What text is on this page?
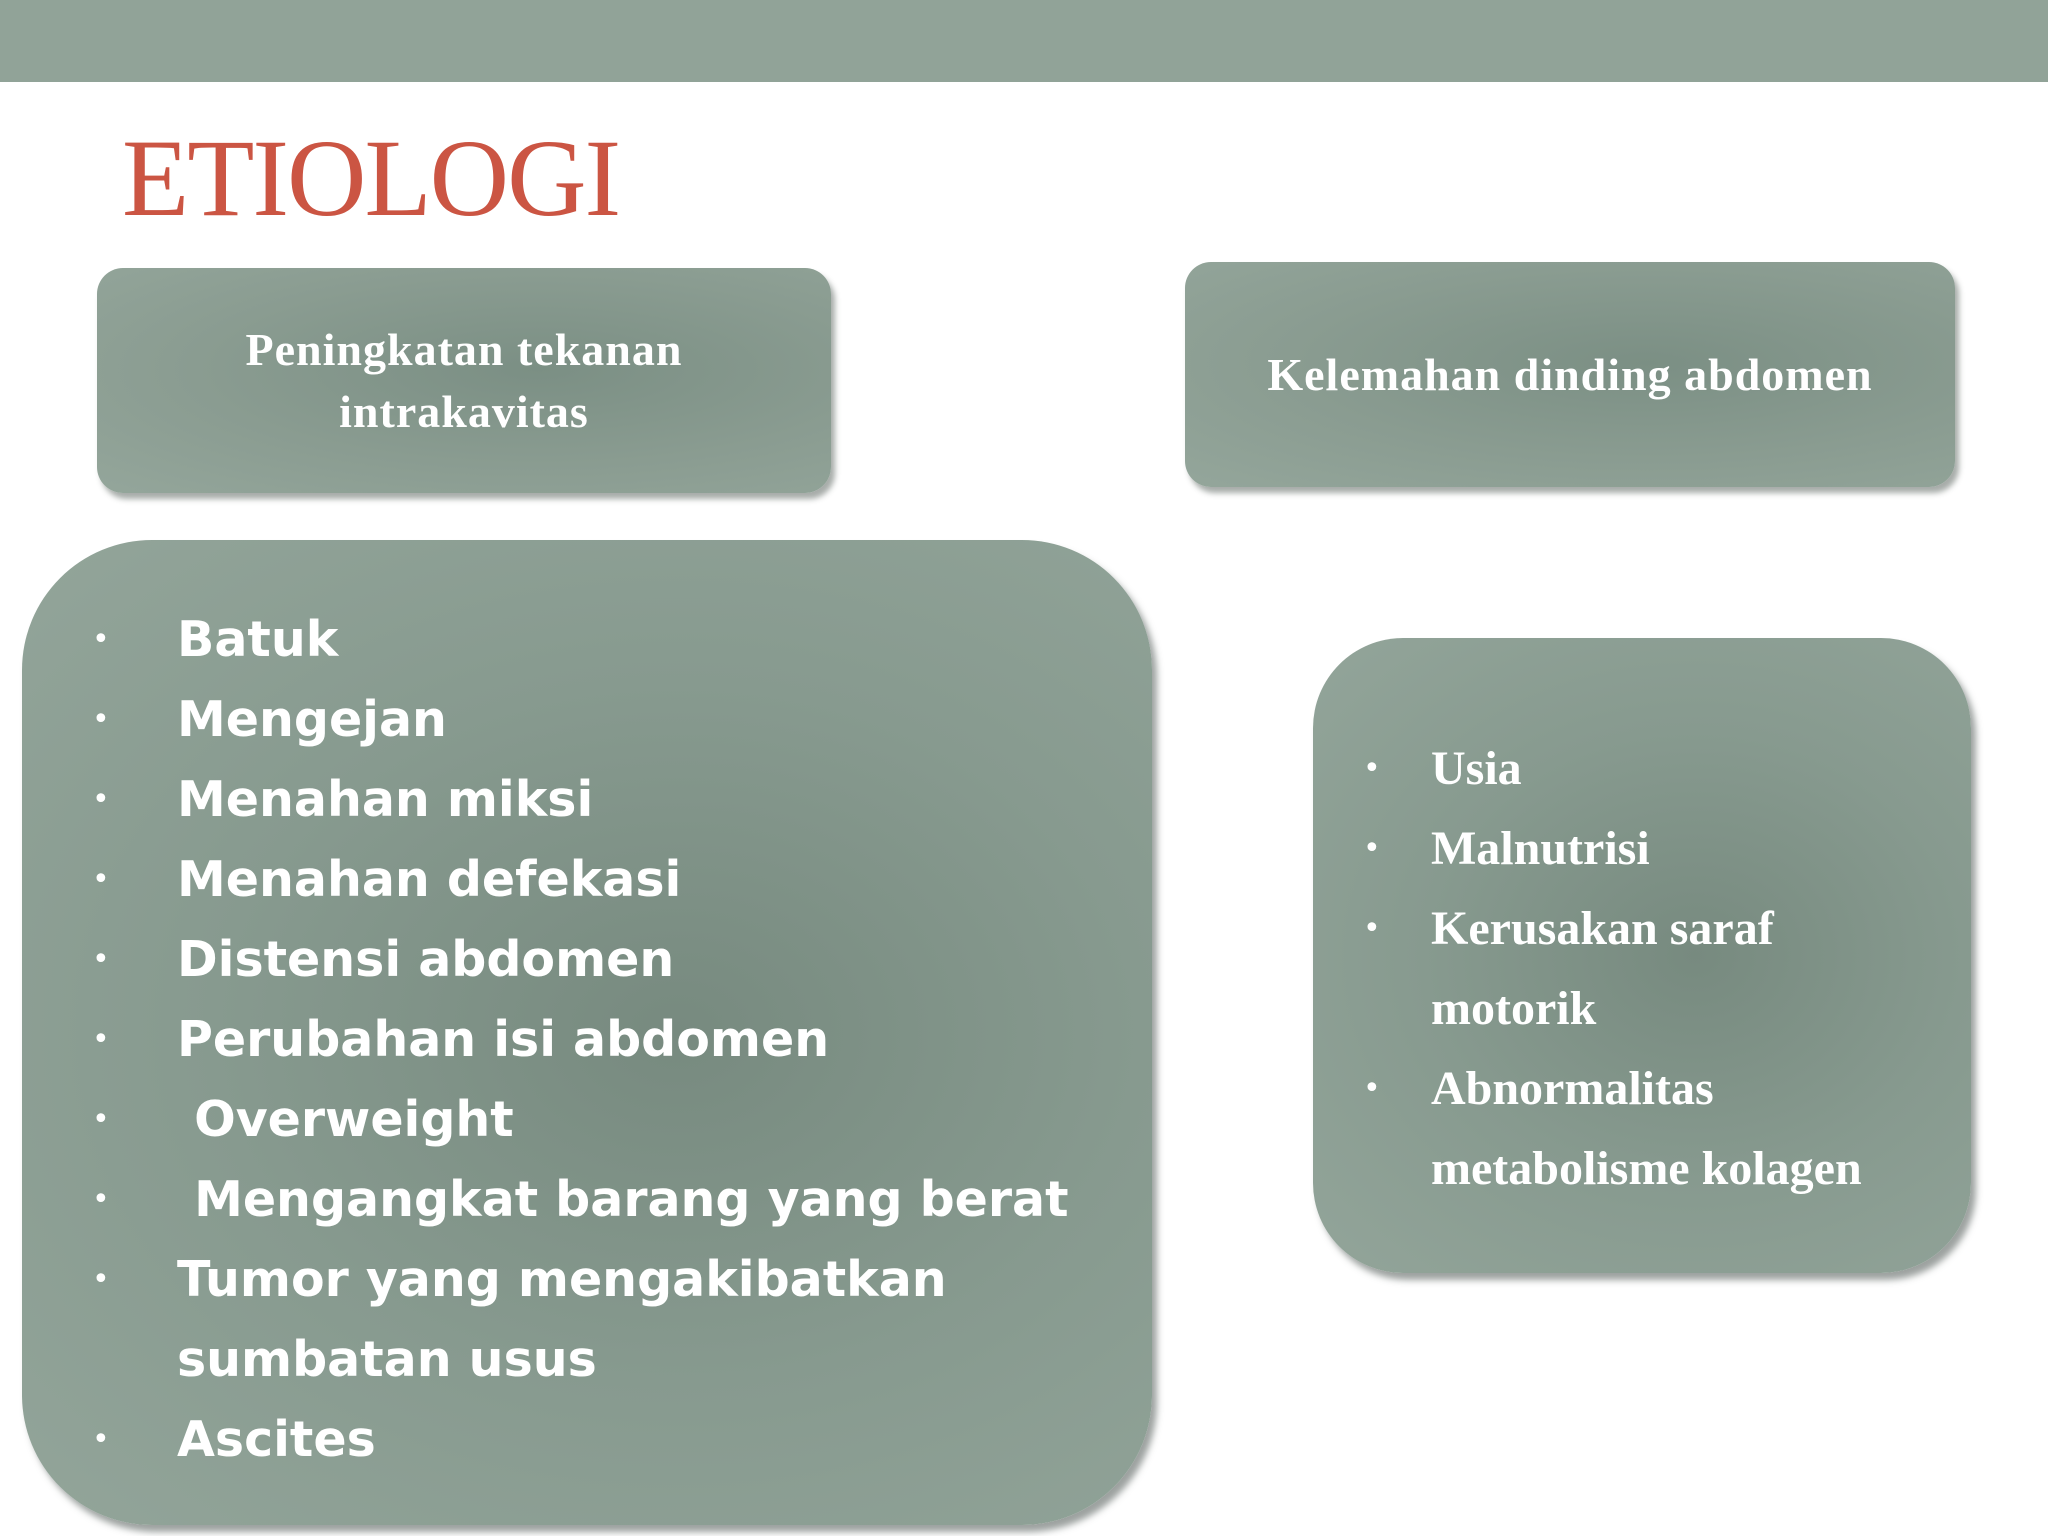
ETIOLOGI
Peningkatan tekanan
intrakavitas
Kelemahan dinding abdomen
• Batuk
• Mengejan
• Menahan miksi
• Menahan defekasi
• Distensi abdomen
• Perubahan isi abdomen
• Overweight
• Mengangkat barang yang berat
• Tumor yang mengakibatkan
sumbatan usus
• Ascites
• Usia
• Malnutrisi
• Kerusakan saraf
motorik
• Abnormalitas
metabolisme kolagen
